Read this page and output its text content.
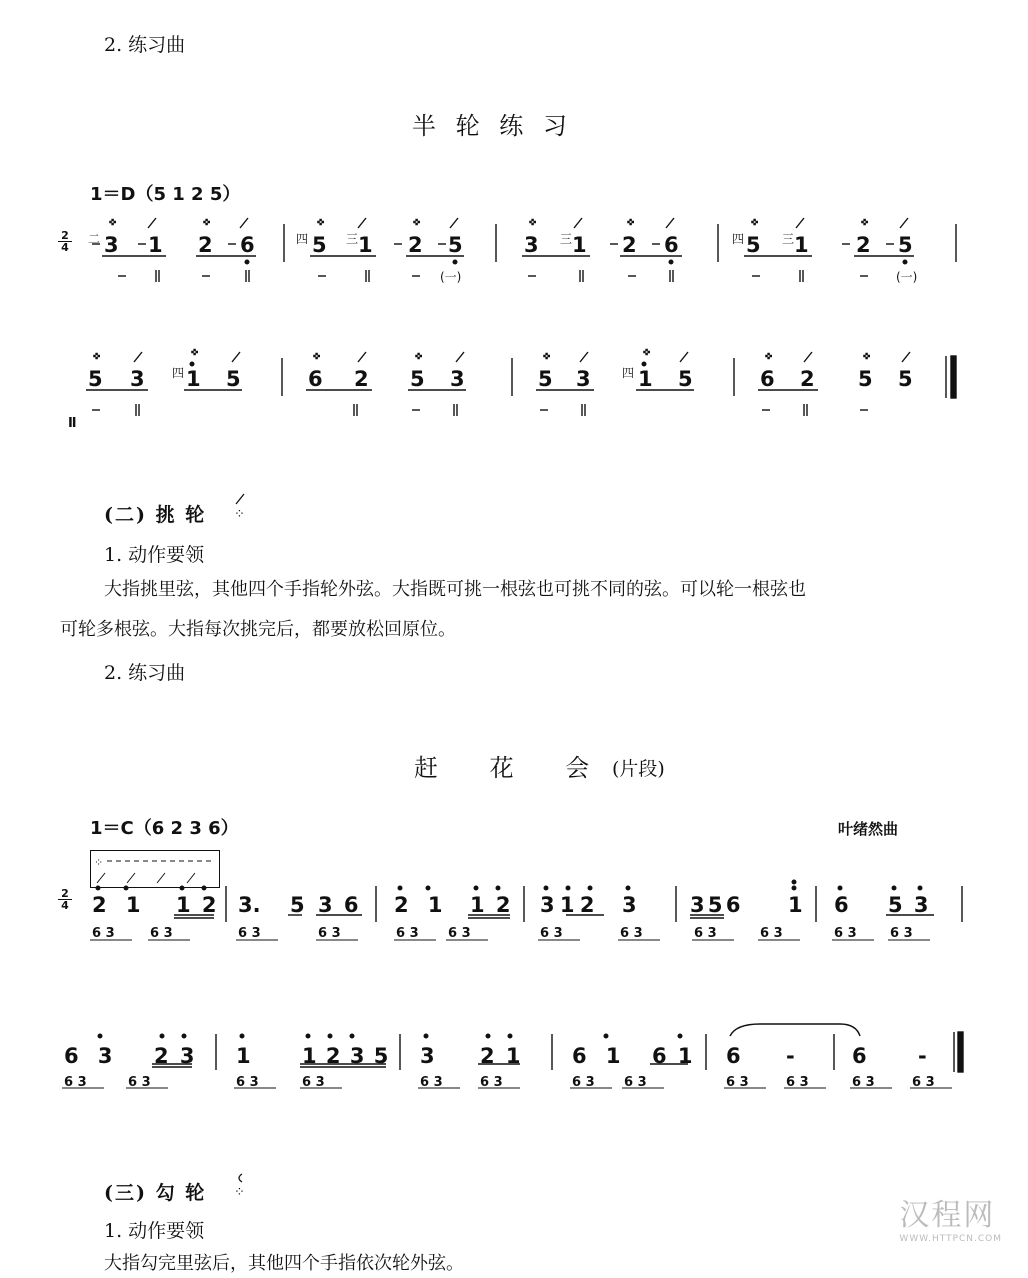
2. 练习曲
半 轮 练 习
1＝D（5 1 2 5）
2
4 3 1 2 6	5 1 2 5	3 1 2 6	5 1 2 5
二	四	三	三	四	三
(一)	(一)
5 3 1 5	6 2 5 3	5 3 1 5	6 2 5 5
四	四
Ⅱ
⁘	⁘	⁘	⁘	⁘	⁘	⁘	⁘
⁘	⁘	⁘	⁘	⁘	⁘	⁘	⁘
(二) 挑 轮 ⁘
1. 动作要领
大指挑里弦，其他四个手指轮外弦。大指既可挑一根弦也可挑不同的弦。可以轮一根弦也
可轮多根弦。大指每次挑完后，都要放松回原位。
2. 练习曲
赶 花 会 (片段)
1＝C（6 2 3 6）	叶绪然曲
2
4
⁘
2 1 1 2 3. 5 3 6 2 1 1 2 3 1 2 3	3 5 6 1 6 5 3
6 3	6 3	6 3	6 3	6 3 6 3	6 3	6 3	6 3	6 3	6 3	6 3
6 3 2 3 1 1 2 3 5 3 2 1 6 1 6 1 6 -	6 -
6 3	6 3	6 3	6 3	6 3	6 3	6 3 6 3	6 3	6 3	6 3	6 3
(三) 勾 轮 ⁘
1. 动作要领
大指勾完里弦后，其他四个手指依次轮外弦。
汉程网
WWW.HTTPCN.COM
